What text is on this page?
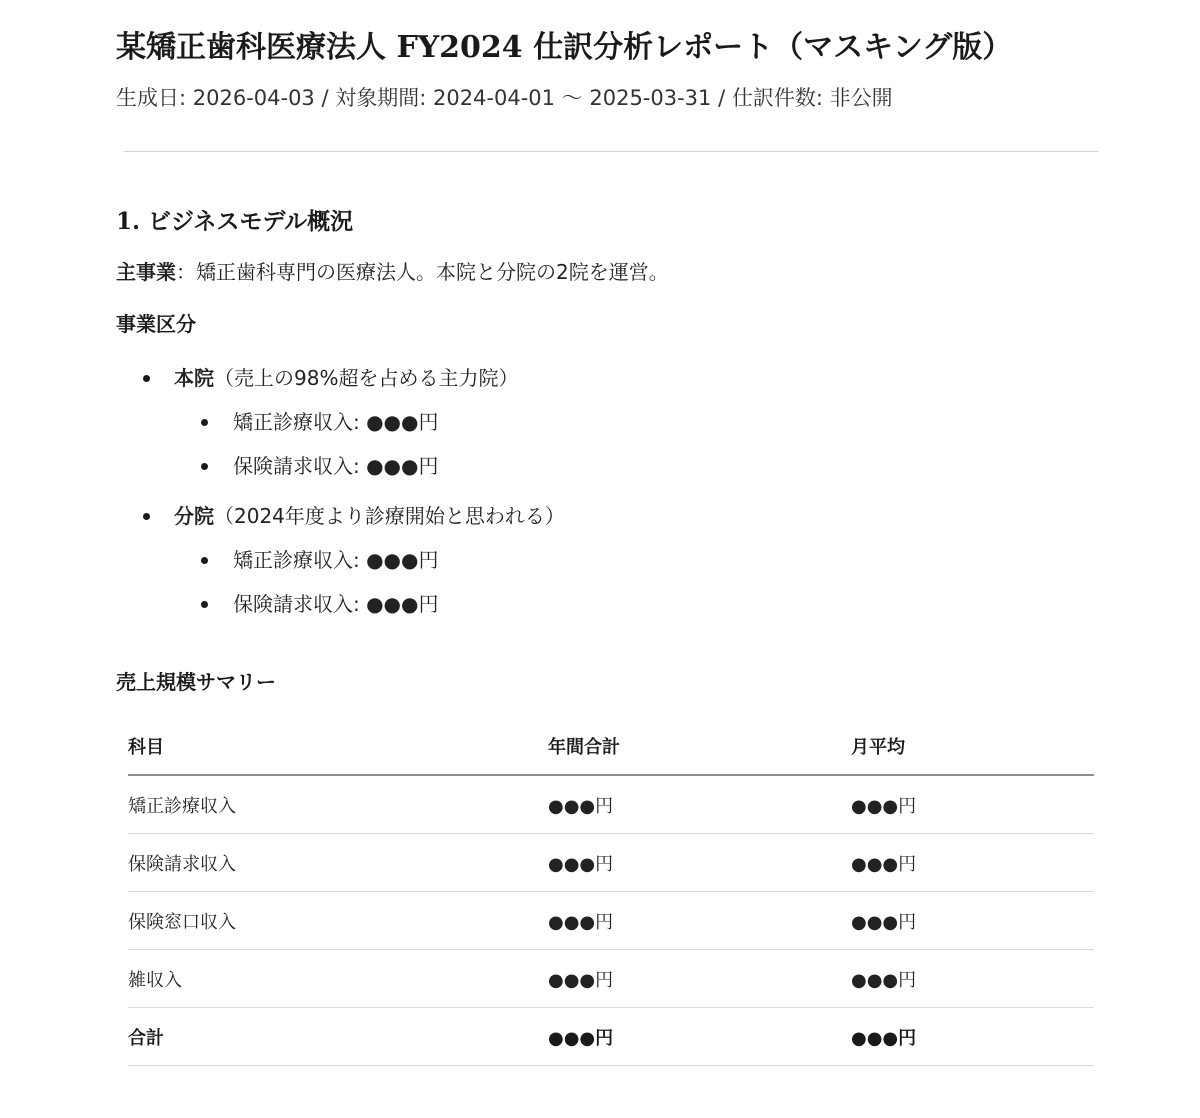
某矯正歯科医療法人 FY2024 仕訳分析レポート（マスキング版）
生成日: 2026-04-03 / 対象期間: 2024-04-01 〜 2025-03-31 / 仕訳件数: 非公開
1. ビジネスモデル概況
主事業：矯正歯科専門の医療法人。本院と分院の2院を運営。
事業区分
本院（売上の98%超を占める主力院）
矯正診療収入: ●●●円
保険請求収入: ●●●円
分院（2024年度より診療開始と思われる）
矯正診療収入: ●●●円
保険請求収入: ●●●円
売上規模サマリー
科目	年間合計	月平均
矯正診療収入	●●●円	●●●円
保険請求収入	●●●円	●●●円
保険窓口収入	●●●円	●●●円
雑収入	●●●円	●●●円
合計	●●●円	●●●円
